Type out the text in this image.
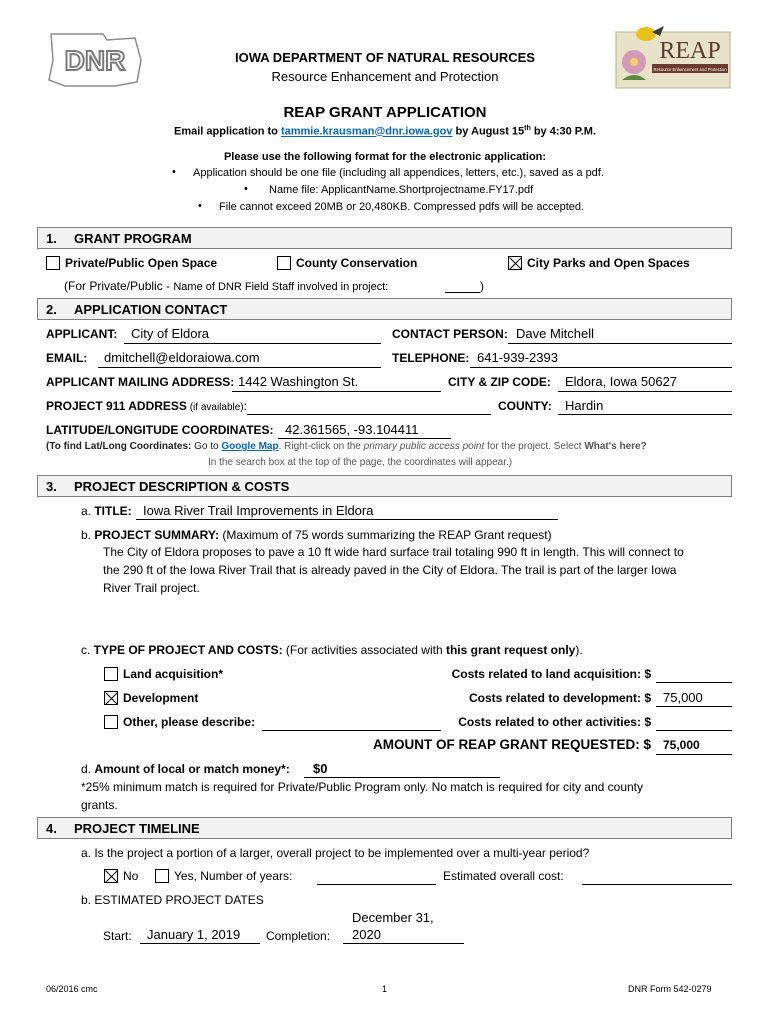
DNR	REAP
Resource Enhancement and Protection
IOWA DEPARTMENT OF NATURAL RESOURCES
Resource Enhancement and Protection
REAP GRANT APPLICATION
Email application to tammie.krausman@dnr.iowa.gov by August 15th by 4:30 P.M.
Please use the following format for the electronic application:
• Application should be one file (including all appendices, letters, etc.), saved as a pdf.
• Name file: ApplicantName.Shortprojectname.FY17.pdf
• File cannot exceed 20MB or 20,480KB. Compressed pdfs will be accepted.
1. GRANT PROGRAM
Private/Public Open Space	County Conservation	City Parks and Open Spaces
(For Private/Public - Name of DNR Field Staff involved in project:	)
2. APPLICATION CONTACT
APPLICANT: City of Eldora	CONTACT PERSON: Dave Mitchell
EMAIL: dmitchell@eldoraiowa.com	TELEPHONE: 641-939-2393
APPLICANT MAILING ADDRESS: 1442 Washington St.	CITY & ZIP CODE: Eldora, Iowa 50627
PROJECT 911 ADDRESS (if available):	COUNTY: Hardin
LATITUDE/LONGITUDE COORDINATES: 42.361565, -93.104411
(To find Lat/Long Coordinates: Go to Google Map. Right-click on the primary public access point for the project. Select What's here?
In the search box at the top of the page, the coordinates will appear.)
3. PROJECT DESCRIPTION & COSTS
a. TITLE: Iowa River Trail Improvements in Eldora
b. PROJECT SUMMARY: (Maximum of 75 words summarizing the REAP Grant request)
The City of Eldora proposes to pave a 10 ft wide hard surface trail totaling 990 ft in length. This will connect to
the 290 ft of the Iowa River Trail that is already paved in the City of Eldora. The trail is part of the larger Iowa
River Trail project.
c. TYPE OF PROJECT AND COSTS: (For activities associated with this grant request only).
Land acquisition*	Costs related to land acquisition: $
Development	Costs related to development: $ 75,000
Other, please describe:	Costs related to other activities: $
AMOUNT OF REAP GRANT REQUESTED: $ 75,000
d. Amount of local or match money*: $0
*25% minimum match is required for Private/Public Program only. No match is required for city and county
grants.
4. PROJECT TIMELINE
a. Is the project a portion of a larger, overall project to be implemented over a multi-year period?
No	Yes, Number of years:	Estimated overall cost:
b. ESTIMATED PROJECT DATES
Start: January 1, 2019 Completion:
December 31,
2020
06/2016 cmc	1	DNR Form 542-0279
